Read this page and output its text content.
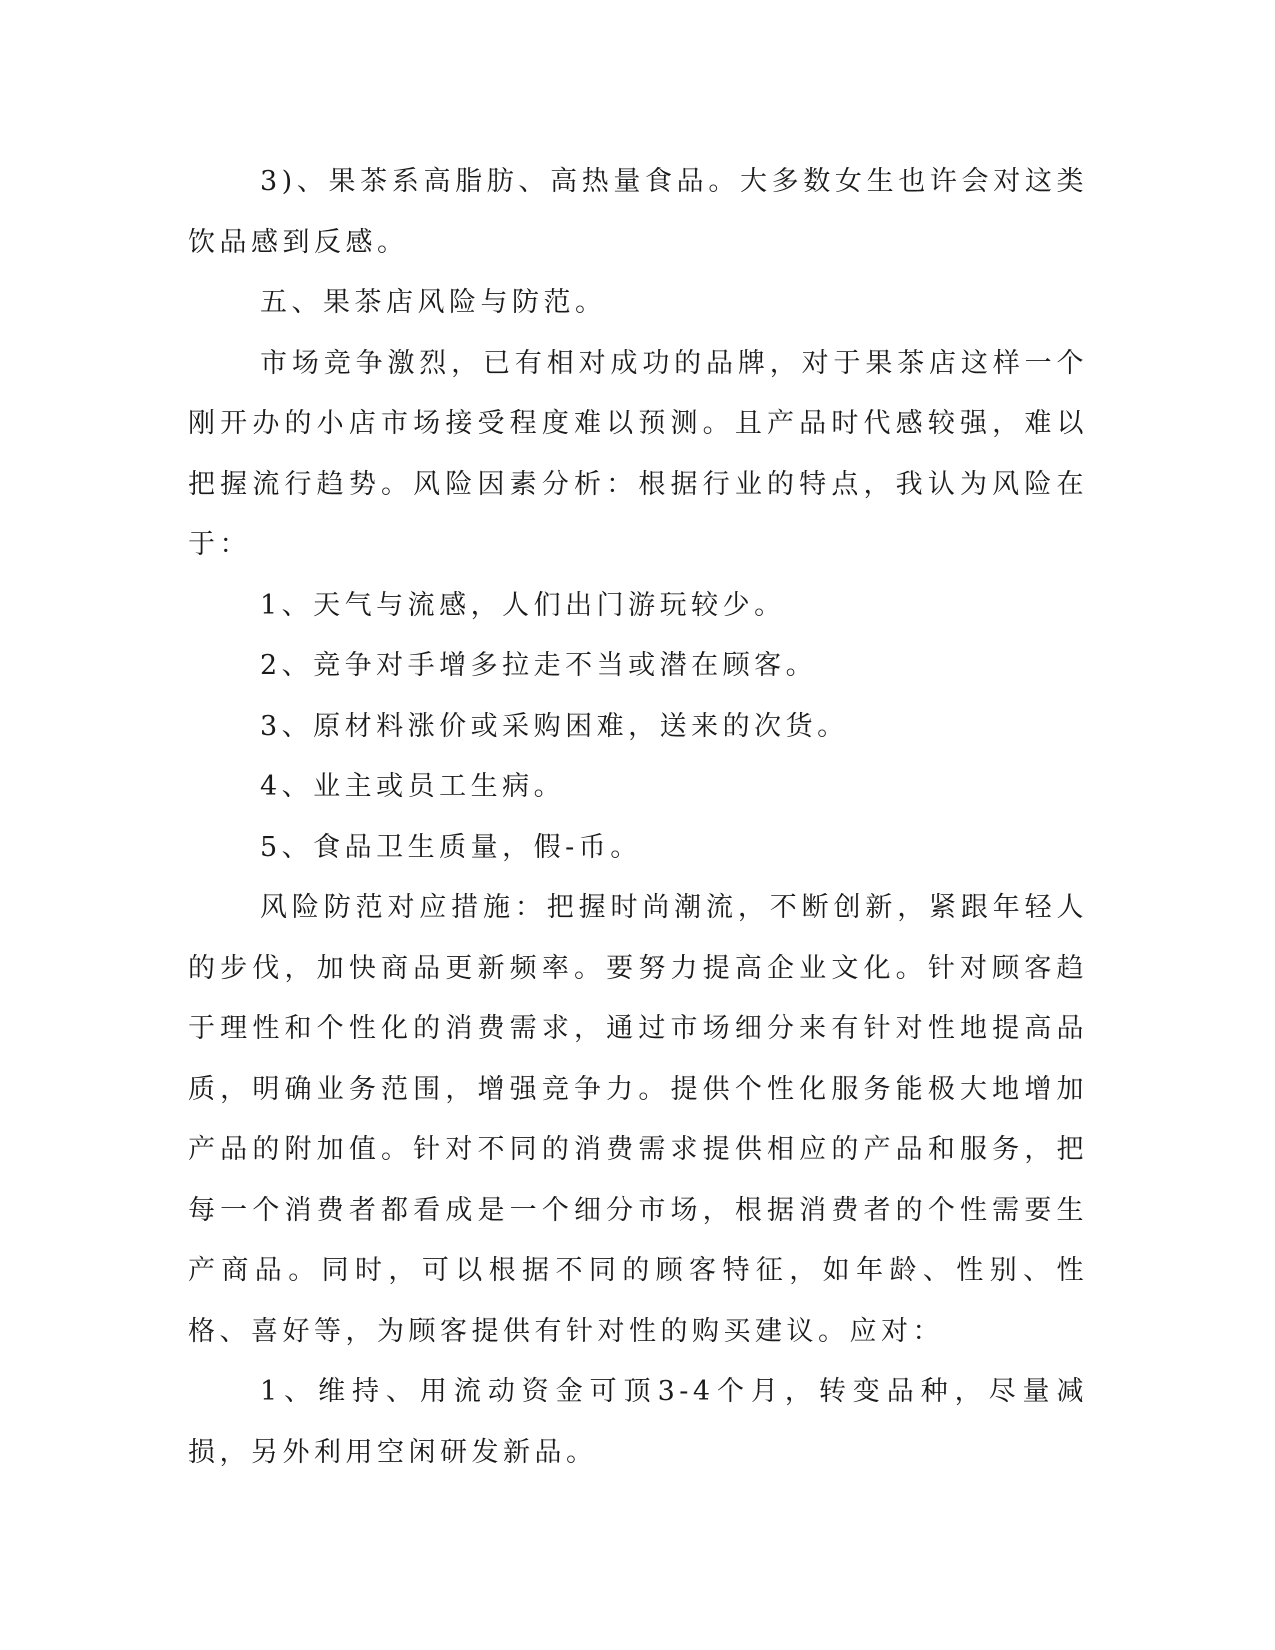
3)、果茶系高脂肪、高热量食品。大多数女生也许会对这类饮品感到反感。

五、果茶店风险与防范。

市场竞争激烈，已有相对成功的品牌，对于果茶店这样一个刚开办的小店市场接受程度难以预测。且产品时代感较强，难以把握流行趋势。风险因素分析：根据行业的特点，我认为风险在于：

1、天气与流感，人们出门游玩较少。

2、竞争对手增多拉走不当或潜在顾客。

3、原材料涨价或采购困难，送来的次货。

4、业主或员工生病。

5、食品卫生质量，假-币。

风险防范对应措施：把握时尚潮流，不断创新，紧跟年轻人的步伐，加快商品更新频率。要努力提高企业文化。针对顾客趋于理性和个性化的消费需求，通过市场细分来有针对性地提高品质，明确业务范围，增强竞争力。提供个性化服务能极大地增加产品的附加值。针对不同的消费需求提供相应的产品和服务，把每一个消费者都看成是一个细分市场，根据消费者的个性需要生产商品。同时，可以根据不同的顾客特征，如年龄、性别、性格、喜好等，为顾客提供有针对性的购买建议。应对：

1、维持、用流动资金可顶3-4个月，转变品种，尽量减损，另外利用空闲研发新品。
